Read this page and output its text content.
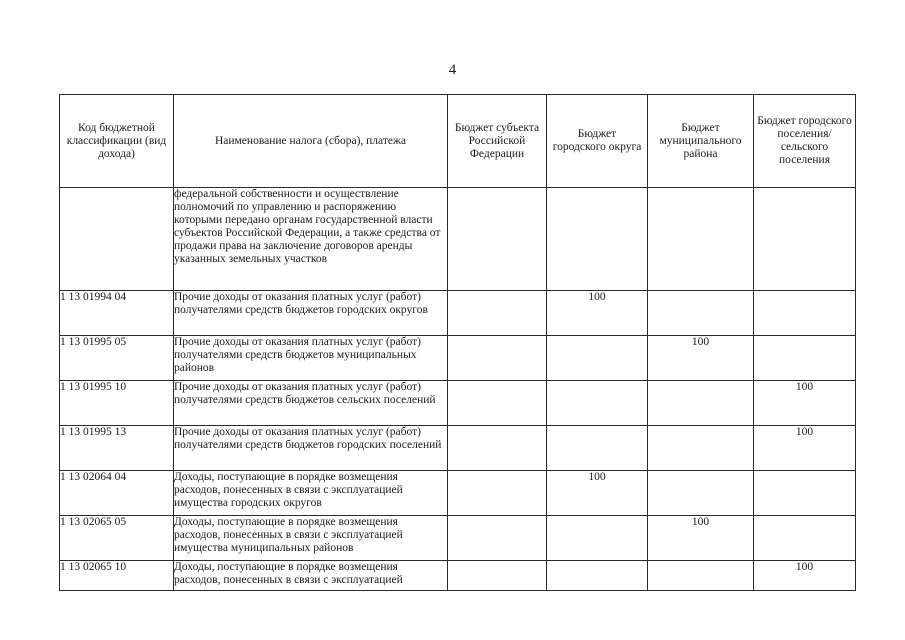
4
Код бюджетной классификации (вид дохода)	Наименование налога (сбора), платежа	Бюджет субъекта Российской Федерации	Бюджет городского округа	Бюджет муниципального района	Бюджет городского поселения/ сельского поселения
	федеральной собственности и осуществление полномочий по управлению и распоряжению которыми передано органам государственной власти субъектов Российской Федерации, а также средства от продажи права на заключение договоров аренды указанных земельных участков				
1 13 01994 04	Прочие доходы от оказания платных услуг (работ) получателями средств бюджетов городских округов		100		
1 13 01995 05	Прочие доходы от оказания платных услуг (работ) получателями средств бюджетов муниципальных районов			100	
1 13 01995 10	Прочие доходы от оказания платных услуг (работ) получателями средств бюджетов сельских поселений				100
1 13 01995 13	Прочие доходы от оказания платных услуг (работ) получателями средств бюджетов городских поселений				100
1 13 02064 04	Доходы, поступающие в порядке возмещения расходов, понесенных в связи с эксплуатацией имущества городских округов		100		
1 13 02065 05	Доходы, поступающие в порядке возмещения расходов, понесенных в связи с эксплуатацией имущества муниципальных районов			100	
1 13 02065 10	Доходы, поступающие в порядке возмещения расходов, понесенных в связи с эксплуатацией				100
